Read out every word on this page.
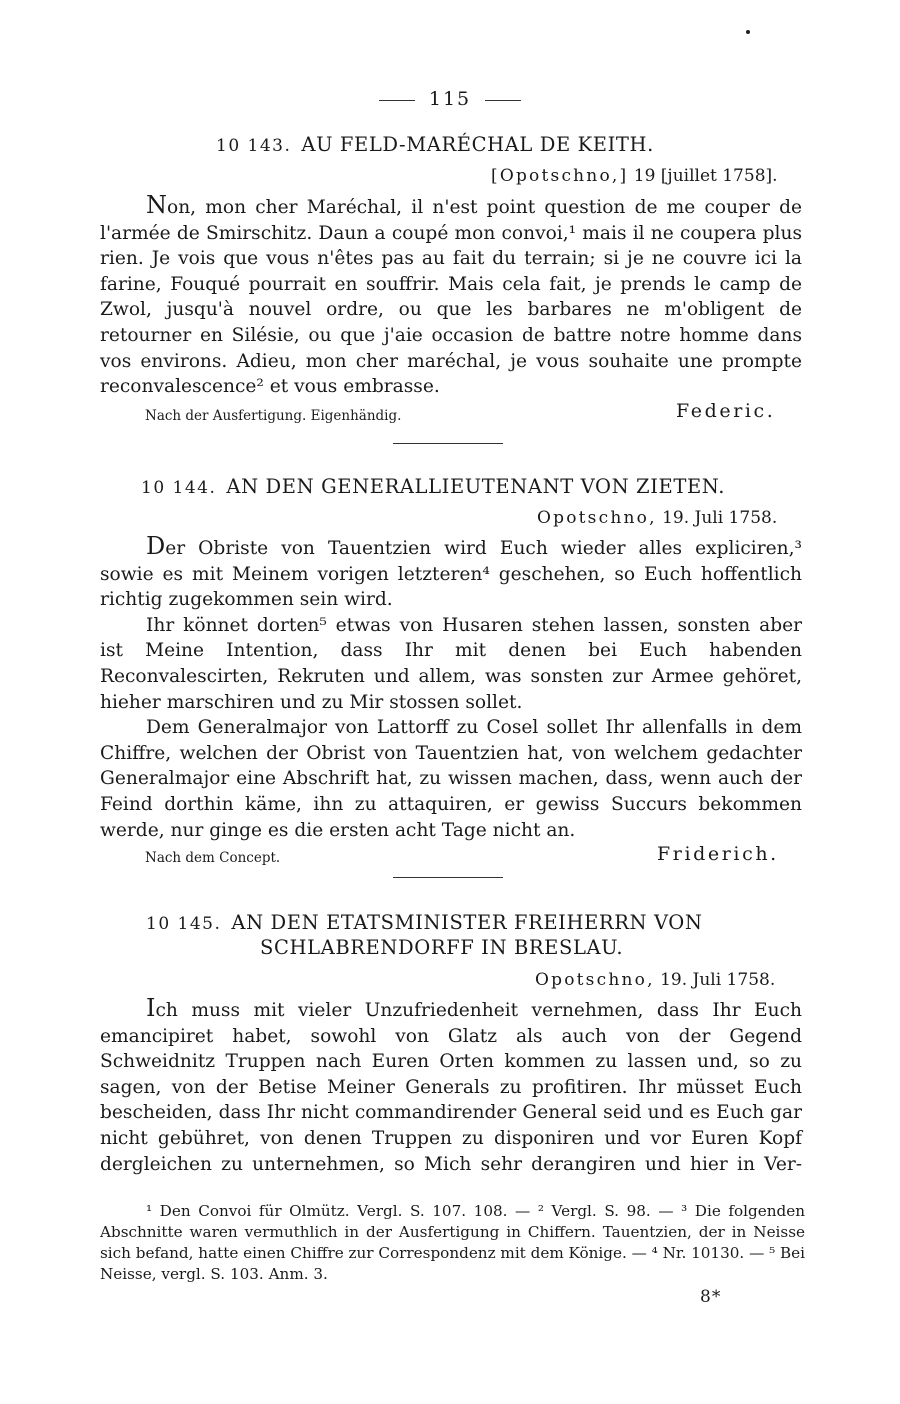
115
10 143. AU FELD-MARÉCHAL DE KEITH.
[Opotschno,] 19 [juillet 1758].

Non, mon cher Maréchal, il n'est point question de me couper de l'armée de Smirschitz. Daun a coupé mon convoi,¹ mais il ne coupera plus rien. Je vois que vous n'êtes pas au fait du terrain; si je ne couvre ici la farine, Fouqué pourrait en souffrir. Mais cela fait, je prends le camp de Zwol, jusqu'à nouvel ordre, ou que les barbares ne m'obligent de retourner en Silésie, ou que j'aie occasion de battre notre homme dans vos environs. Adieu, mon cher maréchal, je vous souhaite une prompte reconvalescence² et vous embrasse.

Nach der Ausfertigung. Eigenhändig.	Federic.
10 144. AN DEN GENERALLIEUTENANT VON ZIETEN.
Opotschno, 19. Juli 1758.

Der Obriste von Tauentzien wird Euch wieder alles expliciren,³ sowie es mit Meinem vorigen letzteren⁴ geschehen, so Euch hoffentlich richtig zugekommen sein wird.

Ihr könnet dorten⁵ etwas von Husaren stehen lassen, sonsten aber ist Meine Intention, dass Ihr mit denen bei Euch habenden Reconvalescirten, Rekruten und allem, was sonsten zur Armee gehöret, hieher marschiren und zu Mir stossen sollet.

Dem Generalmajor von Lattorff zu Cosel sollet Ihr allenfalls in dem Chiffre, welchen der Obrist von Tauentzien hat, von welchem gedachter Generalmajor eine Abschrift hat, zu wissen machen, dass, wenn auch der Feind dorthin käme, ihn zu attaquiren, er gewiss Succurs bekommen werde, nur ginge es die ersten acht Tage nicht an.

Nach dem Concept.	Friderich.
10 145. AN DEN ETATSMINISTER FREIHERRN VON
SCHLABRENDORFF IN BRESLAU.
Opotschno, 19. Juli 1758.

Ich muss mit vieler Unzufriedenheit vernehmen, dass Ihr Euch emancipiret habet, sowohl von Glatz als auch von der Gegend Schweidnitz Truppen nach Euren Orten kommen zu lassen und, so zu sagen, von der Betise Meiner Generals zu profitiren. Ihr müsset Euch bescheiden, dass Ihr nicht commandirender General seid und es Euch gar nicht gebühret, von denen Truppen zu disponiren und vor Euren Kopf dergleichen zu unternehmen, so Mich sehr derangiren und hier in Ver-

¹ Den Convoi für Olmütz. Vergl. S. 107. 108. — ² Vergl. S. 98. — ³ Die folgenden Abschnitte waren vermuthlich in der Ausfertigung in Chiffern. Tauentzien, der in Neisse sich befand, hatte einen Chiffre zur Correspondenz mit dem Könige. — ⁴ Nr. 10130. — ⁵ Bei Neisse, vergl. S. 103. Anm. 3.

8*
